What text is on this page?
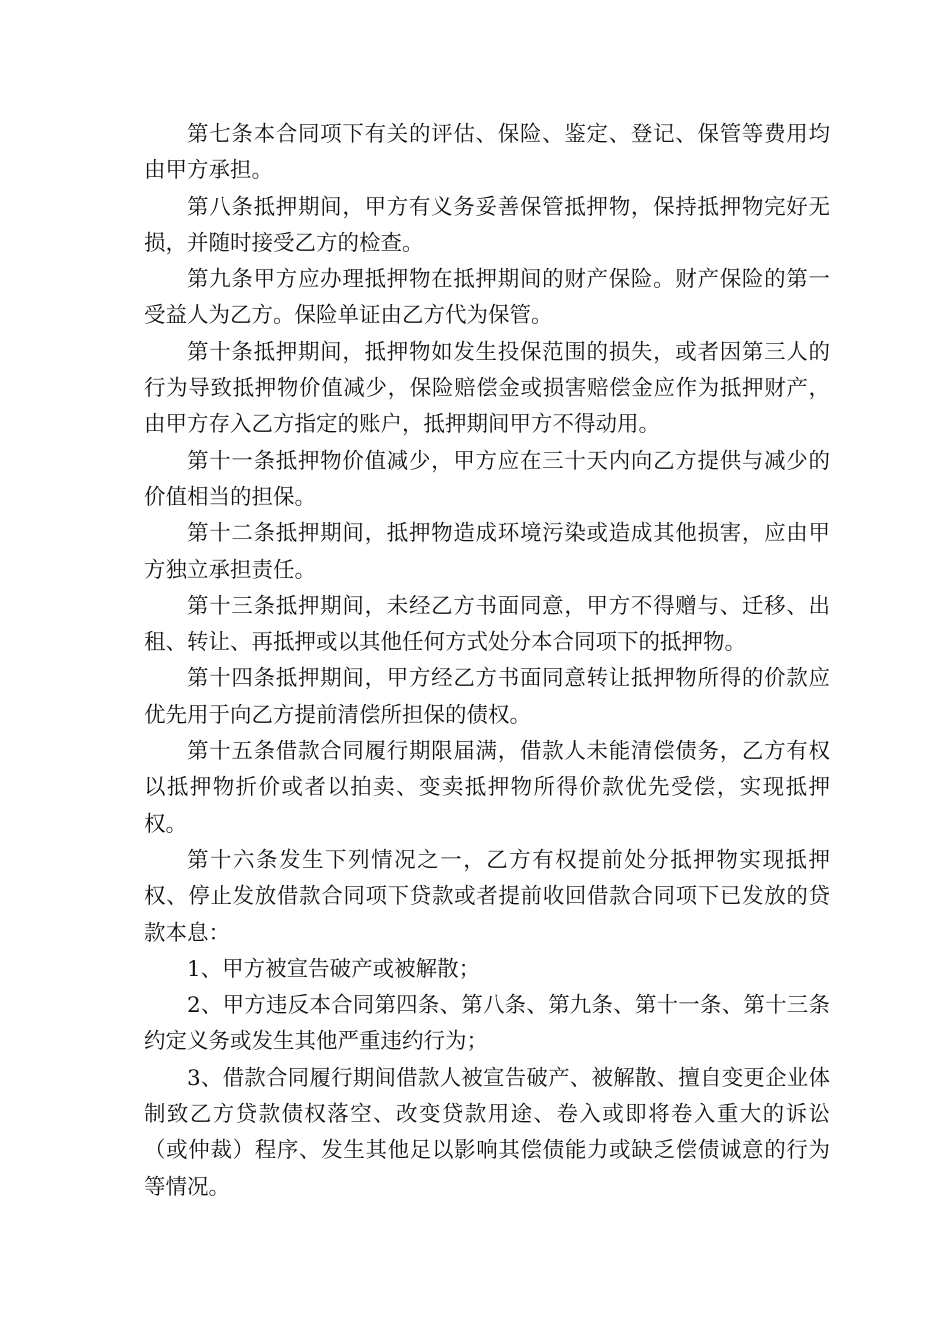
第七条本合同项下有关的评估、保险、鉴定、登记、保管等费用均由甲方承担。

第八条抵押期间，甲方有义务妥善保管抵押物，保持抵押物完好无损，并随时接受乙方的检查。

第九条甲方应办理抵押物在抵押期间的财产保险。财产保险的第一受益人为乙方。保险单证由乙方代为保管。

第十条抵押期间，抵押物如发生投保范围的损失，或者因第三人的行为导致抵押物价值减少，保险赔偿金或损害赔偿金应作为抵押财产，由甲方存入乙方指定的账户，抵押期间甲方不得动用。

第十一条抵押物价值减少，甲方应在三十天内向乙方提供与减少的价值相当的担保。

第十二条抵押期间，抵押物造成环境污染或造成其他损害，应由甲方独立承担责任。

第十三条抵押期间，未经乙方书面同意，甲方不得赠与、迁移、出租、转让、再抵押或以其他任何方式处分本合同项下的抵押物。

第十四条抵押期间，甲方经乙方书面同意转让抵押物所得的价款应优先用于向乙方提前清偿所担保的债权。

第十五条借款合同履行期限届满，借款人未能清偿债务，乙方有权以抵押物折价或者以拍卖、变卖抵押物所得价款优先受偿，实现抵押权。

第十六条发生下列情况之一，乙方有权提前处分抵押物实现抵押权、停止发放借款合同项下贷款或者提前收回借款合同项下已发放的贷款本息：

1、甲方被宣告破产或被解散；

2、甲方违反本合同第四条、第八条、第九条、第十一条、第十三条约定义务或发生其他严重违约行为；

3、借款合同履行期间借款人被宣告破产、被解散、擅自变更企业体制致乙方贷款债权落空、改变贷款用途、卷入或即将卷入重大的诉讼（或仲裁）程序、发生其他足以影响其偿债能力或缺乏偿债诚意的行为等情况。
